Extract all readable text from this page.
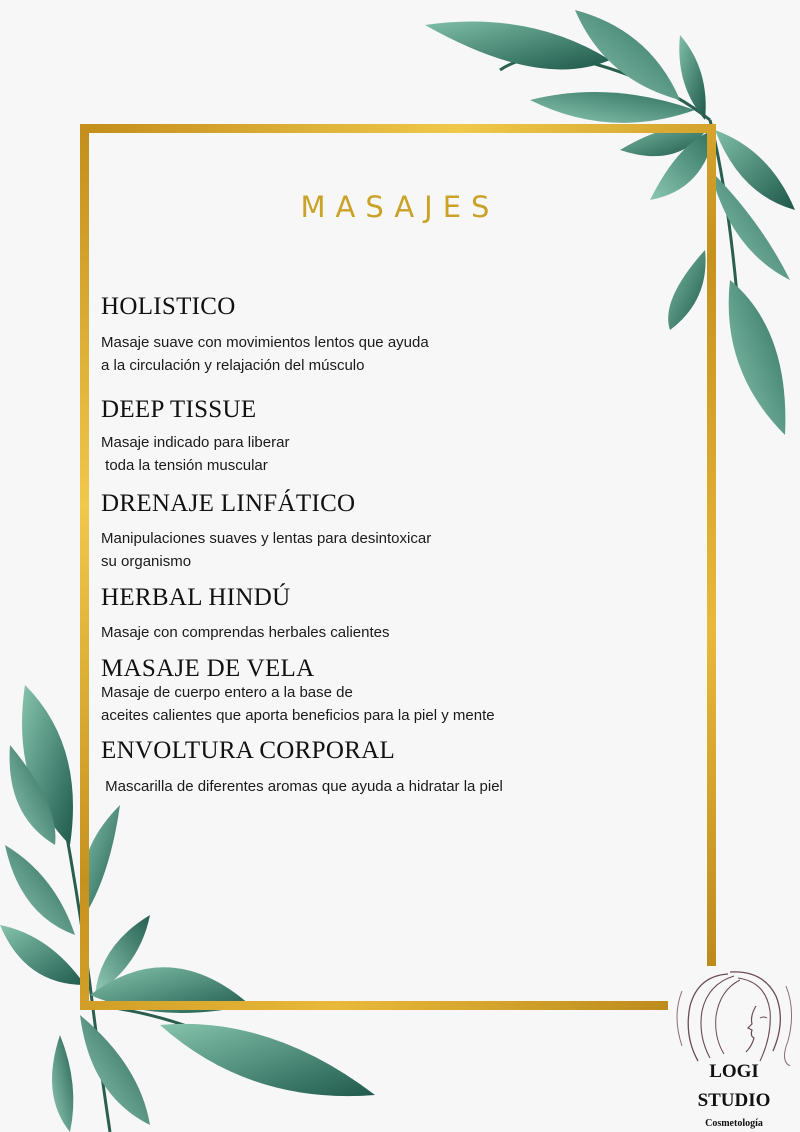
MASAJES
HOLISTICO

Masaje suave con movimientos lentos que ayuda
a la circulación y relajación del músculo

DEEP TISSUE

Masaje indicado para liberar
toda la tensión muscular

DRENAJE LINFÁTICO

Manipulaciones suaves y lentas para desintoxicar
su organismo

HERBAL HINDÚ

Masaje con comprendas herbales calientes

MASAJE DE VELA

Masaje de cuerpo entero a la base de
aceites calientes que aporta beneficios para la piel y mente

ENVOLTURA CORPORAL

Mascarilla de diferentes aromas que ayuda a hidratar la piel

LOGI
STUDIO
Cosmetología
